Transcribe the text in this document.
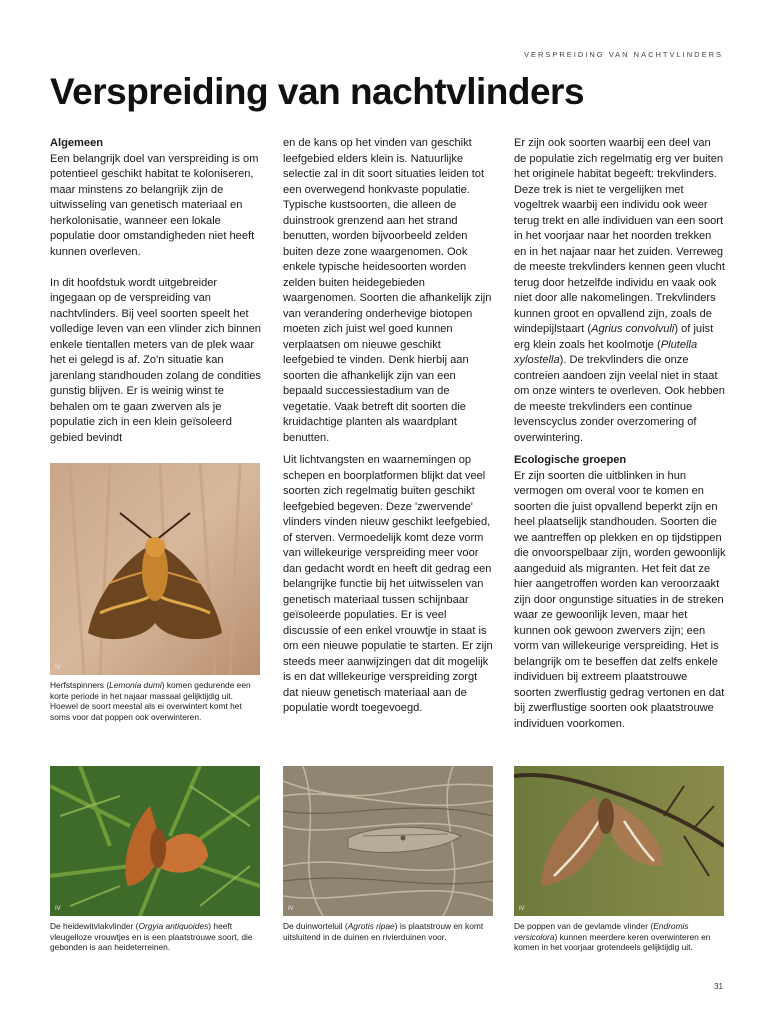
VERSPREIDING VAN NACHTVLINDERS
Verspreiding van nachtvlinders

Algemeen

Een belangrijk doel van verspreiding is om potentieel geschikt habitat te koloniseren, maar minstens zo belangrijk zijn de uitwisseling van genetisch materiaal en herkolonisatie, wanneer een lokale populatie door omstandigheden niet heeft kunnen overleven.

In dit hoofdstuk wordt uitgebreider ingegaan op de verspreiding van nachtvlinders. Bij veel soorten speelt het volledige leven van een vlinder zich binnen enkele tientallen meters van de plek waar het ei gelegd is af. Zo'n situatie kan jarenlang standhouden zolang de condities gunstig blijven. Er is weinig winst te behalen om te gaan zwerven als je populatie zich in een klein geïsoleerd gebied bevindt

en de kans op het vinden van geschikt leefgebied elders klein is. Natuurlijke selectie zal in dit soort situaties leiden tot een overwegend honkvaste populatie. Typische kustsoorten, die alleen de duinstrook grenzend aan het strand benutten, worden bijvoorbeeld zelden buiten deze zone waargenomen. Ook enkele typische heidesoorten worden zelden buiten heidegebieden waargenomen. Soorten die afhankelijk zijn van verandering onderhevige biotopen moeten zich juist wel goed kunnen verplaatsen om nieuwe geschikt leefgebied te vinden. Denk hierbij aan soorten die afhankelijk zijn van een bepaald successiestadium van de vegetatie. Vaak betreft dit soorten die kruidachtige planten als waardplant benutten.

Uit lichtvangsten en waarnemingen op schepen en boorplatformen blijkt dat veel soorten zich regelmatig buiten geschikt leefgebied begeven. Deze 'zwervende' vlinders vinden nieuw geschikt leefgebied, of sterven. Vermoedelijk komt deze vorm van willekeurige verspreiding meer voor dan gedacht wordt en heeft dit gedrag een belangrijke functie bij het uitwisselen van genetisch materiaal tussen schijnbaar geïsoleerde populaties. Er is veel discussie of een enkel vrouwtje in staat is om een nieuwe populatie te starten. Er zijn steeds meer aanwijzingen dat dit mogelijk is en dat willekeurige verspreiding zorgt dat nieuw genetisch materiaal aan de populatie wordt toegevoegd.

Er zijn ook soorten waarbij een deel van de populatie zich regelmatig erg ver buiten het originele habitat begeeft: trekvlinders. Deze trek is niet te vergelijken met vogeltrek waarbij een individu ook weer terug trekt en alle individuen van een soort in het voorjaar naar het noorden trekken en in het najaar naar het zuiden. Verreweg de meeste trekvlinders kennen geen vlucht terug door hetzelfde individu en vaak ook niet door alle nakomelingen. Trekvlinders kunnen groot en opvallend zijn, zoals de windepijlstaart (Agrius convolvuli) of juist erg klein zoals het koolmotje (Plutella xylostella). De trekvlinders die onze contreien aandoen zijn veelal niet in staat om onze winters te overleven. Ook hebben de meeste trekvlinders een continue levenscyclus zonder overzomering of overwintering.

Ecologische groepen

Er zijn soorten die uitblinken in hun vermogen om overal voor te komen en soorten die juist opvallend beperkt zijn en heel plaatselijk standhouden. Soorten die we aantreffen op plekken en op tijdstippen die onvoorspelbaar zijn, worden gewoonlijk aangeduid als migranten. Het feit dat ze hier aangetroffen worden kan veroorzaakt zijn door ongunstige situaties in de streken waar ze gewoonlijk leven, maar het kunnen ook gewoon zwervers zijn; een vorm van willekeurige verspreiding. Het is belangrijk om te beseffen dat zelfs enkele individuen bij extreem plaatstrouwe soorten zwerflustig gedrag vertonen en dat bij zwerflustige soorten ook plaatstrouwe individuen voorkomen.

IV
Herfstspinners (Lemonia dumi) komen gedurende een korte periode in het najaar massaal gelijktijdig uit. Hoewel de soort meestal als ei overwintert komt het soms voor dat poppen ook overwinteren.
IV
De heidewitvlakvlinder (Orgyia antiquoides) heeft vleugelloze vrouwtjes en is een plaatstrouwe soort, die gebonden is aan heideterreinen.
IV
De duinworteluil (Agrotis ripae) is plaatstrouw en komt uitsluitend in de duinen en rivierduinen voor.
IV
De poppen van de gevlamde vlinder (Endromis versicolora) kunnen meerdere keren overwinteren en komen in het voorjaar grotendeels gelijktijdig uit.
31
